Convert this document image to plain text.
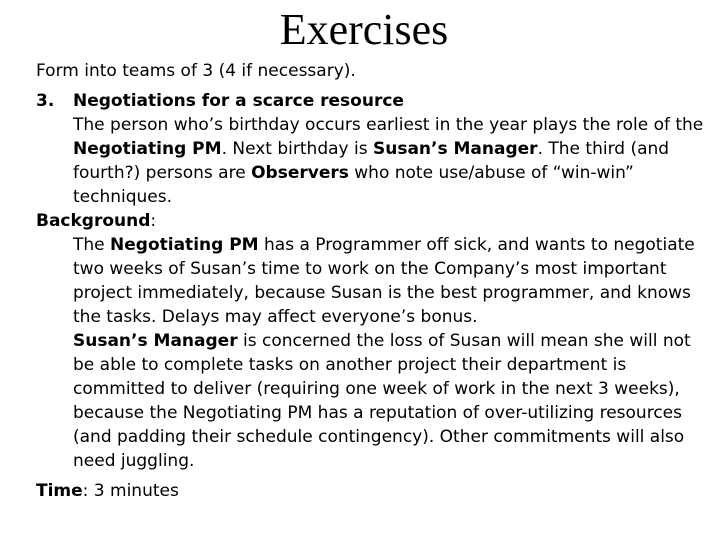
Exercises

Form into teams of 3 (4 if necessary).

3. Negotiations for a scarce resource

The person who’s birthday occurs earliest in the year plays the role of the Negotiating PM. Next birthday is Susan’s Manager. The third (and fourth?) persons are Observers who note use/abuse of “win-win” techniques.

Background:

The Negotiating PM has a Programmer off sick, and wants to negotiate two weeks of Susan’s time to work on the Company’s most important project immediately, because Susan is the best programmer, and knows the tasks. Delays may affect everyone’s bonus.

Susan’s Manager is concerned the loss of Susan will mean she will not be able to complete tasks on another project their department is committed to deliver (requiring one week of work in the next 3 weeks), because the Negotiating PM has a reputation of over-utilizing resources (and padding their schedule contingency). Other commitments will also need juggling.

Time: 3 minutes
